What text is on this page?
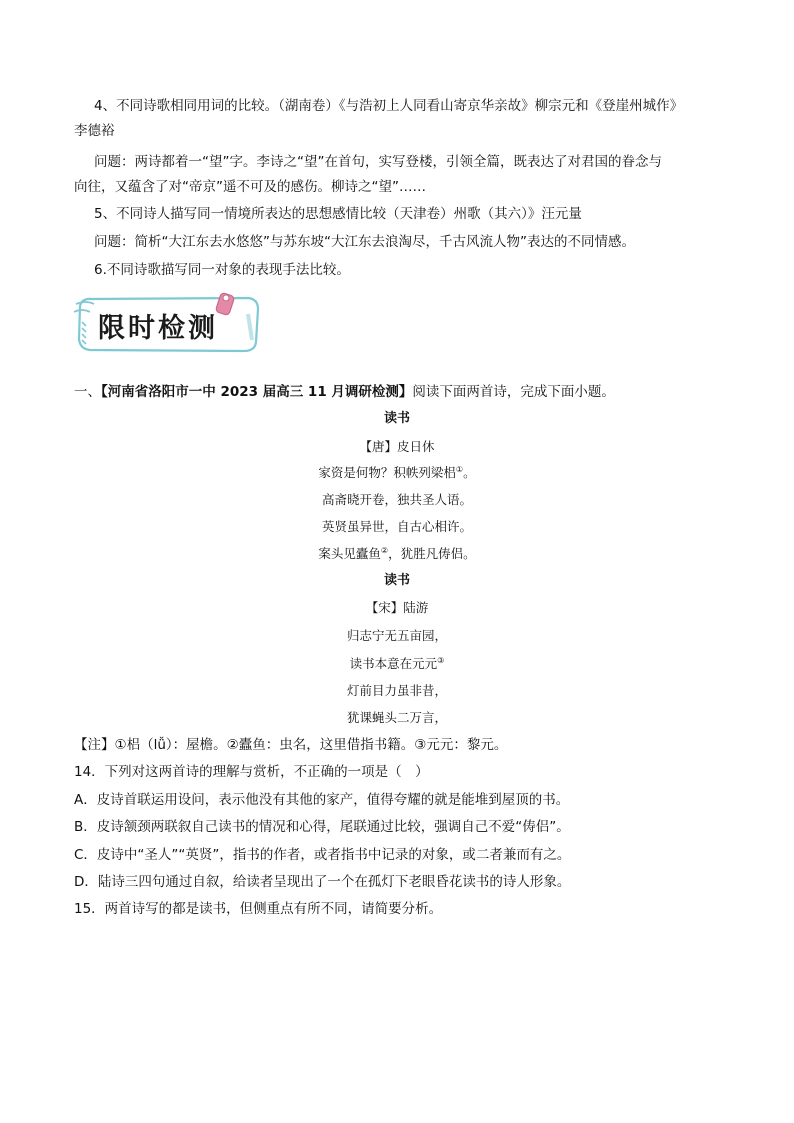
4、不同诗歌相同用词的比较。（湖南卷）《与浩初上人同看山寄京华亲故》柳宗元和《登崖州城作》
李德裕
问题：两诗都着一“望”字。李诗之“望”在首句，实写登楼，引领全篇，既表达了对君国的眷念与
向往，又蕴含了对“帝京”遥不可及的感伤。柳诗之“望”……
5、不同诗人描写同一情境所表达的思想感情比较（天津卷）州歌（其六）》汪元量
问题：简析“大江东去水悠悠”与苏东坡“大江东去浪淘尽，千古风流人物”表达的不同情感。
6.不同诗歌描写同一对象的表现手法比较。
限时检测
一、【河南省洛阳市一中 2023 届高三 11 月调研检测】阅读下面两首诗，完成下面小题。
读书
【唐】皮日休
家资是何物？积帙列梁梠①。
高斋晓开卷，独共圣人语。
英贤虽异世，自古心相许。
案头见蠹鱼②，犹胜凡俦侣。
读书
【宋】陆游
归志宁无五亩园，
读书本意在元元③
灯前目力虽非昔，
犹课蝇头二万言，
【注】①梠（lǚ）：屋檐。②蠹鱼：虫名，这里借指书籍。③元元：黎元。
14．下列对这两首诗的理解与赏析，不正确的一项是（　）
A．皮诗首联运用设问，表示他没有其他的家产，值得夸耀的就是能堆到屋顶的书。
B．皮诗颔颈两联叙自己读书的情况和心得，尾联通过比较，强调自己不爱“俦侣”。
C．皮诗中“圣人”“英贤”，指书的作者，或者指书中记录的对象，或二者兼而有之。
D．陆诗三四句通过自叙，给读者呈现出了一个在孤灯下老眼昏花读书的诗人形象。
15．两首诗写的都是读书，但侧重点有所不同，请简要分析。
